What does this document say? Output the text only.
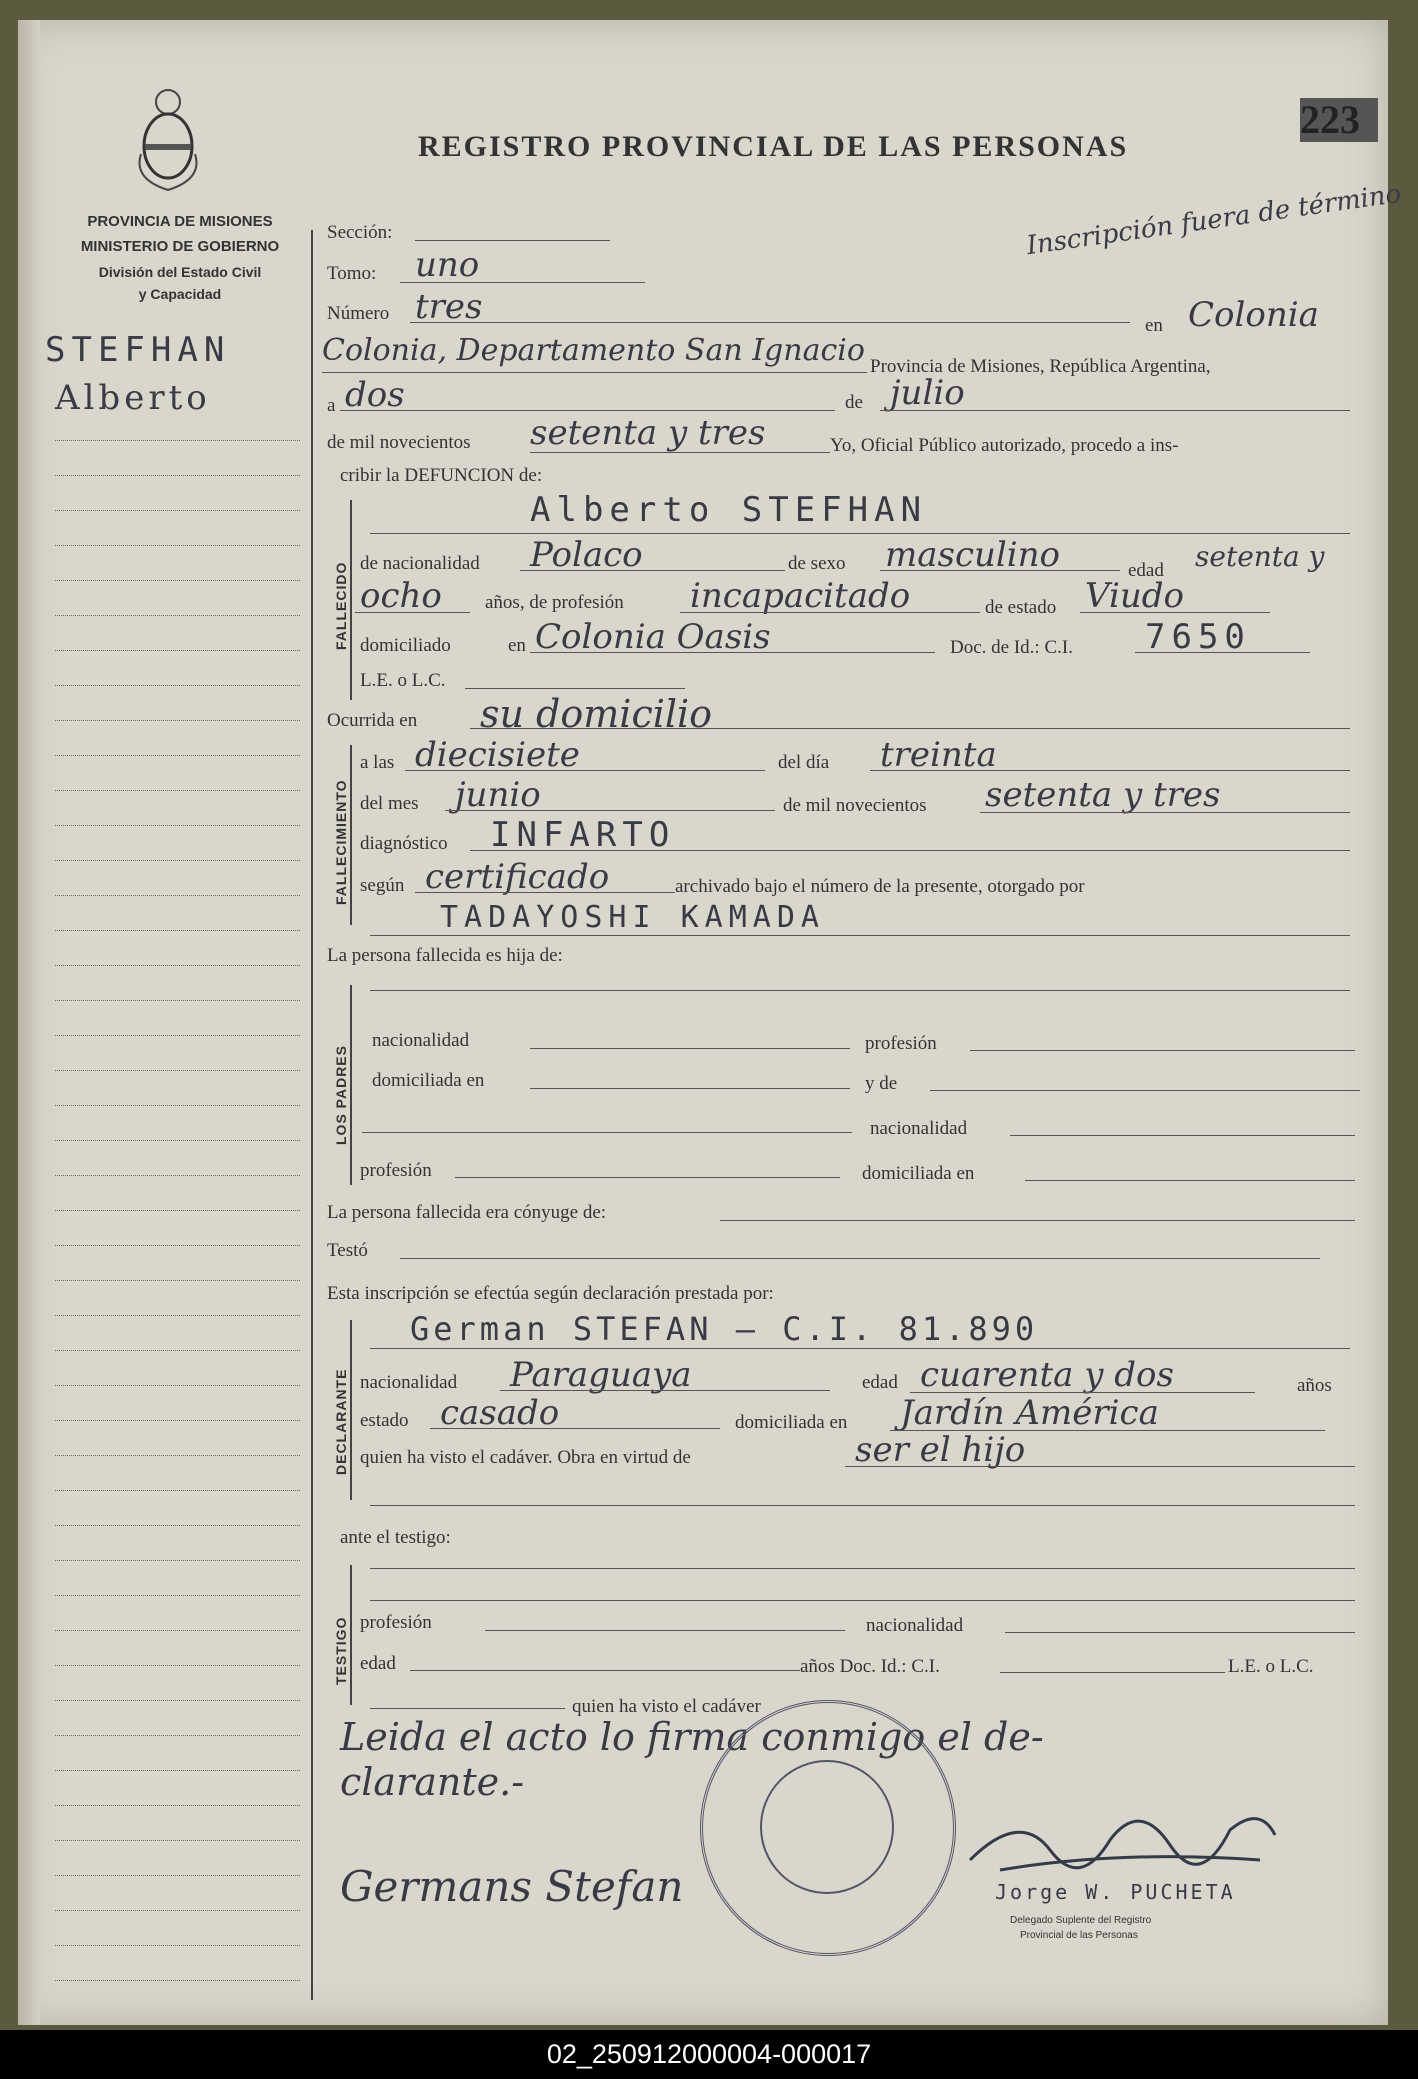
223
REGISTRO PROVINCIAL DE LAS PERSONAS
Inscripción fuera de término
PROVINCIA DE MISIONES
MINISTERIO DE GOBIERNO
División del Estado Civil
y Capacidad
STEFHAN
Alberto
FALLECIDO
FALLECIMIENTO
LOS PADRES
DECLARANTE
TESTIGO
Sección:
Tomo: uno
Número tres	en Colonia
Colonia, Departamento San Ignacio Provincia de Misiones, República Argentina,
a dos	de julio
de mil novecientos setenta y tres	Yo, Oficial Público autorizado, procedo a ins-
cribir la DEFUNCION de:
Alberto STEFHAN
de nacionalidad Polaco	de sexo masculino	edad setenta y
ocho años, de profesión incapacitado	de estado Viudo
domiciliado	en Colonia Oasis	Doc. de Id.: C.I. 7650
L.E. o L.C.
Ocurrida en su domicilio
a las diecisiete	del día treinta
del mes junio	de mil novecientos setenta y tres
diagnóstico INFARTO
según certificado	archivado bajo el número de la presente, otorgado por
TADAYOSHI KAMADA
La persona fallecida es hija de:
nacionalidad	profesión
domiciliada en	y de
nacionalidad
profesión	domiciliada en
La persona fallecida era cónyuge de:
Testó
Esta inscripción se efectúa según declaración prestada por:
German STEFAN — C.I. 81.890
nacionalidad Paraguaya	edad cuarenta y dos	años
estado casado	domiciliada en Jardín América
quien ha visto el cadáver. Obra en virtud de	ser el hijo
ante el testigo:
profesión	nacionalidad
edad	años Doc. Id.: C.I.	L.E. o L.C.
quien ha visto el cadáver
Leida el acto lo firma conmigo el de-
clarante.-
Germans Stefan	Jorge W. PUCHETA
Delegado Suplente del Registro
Provincial de las Personas
02_250912000004-000017
